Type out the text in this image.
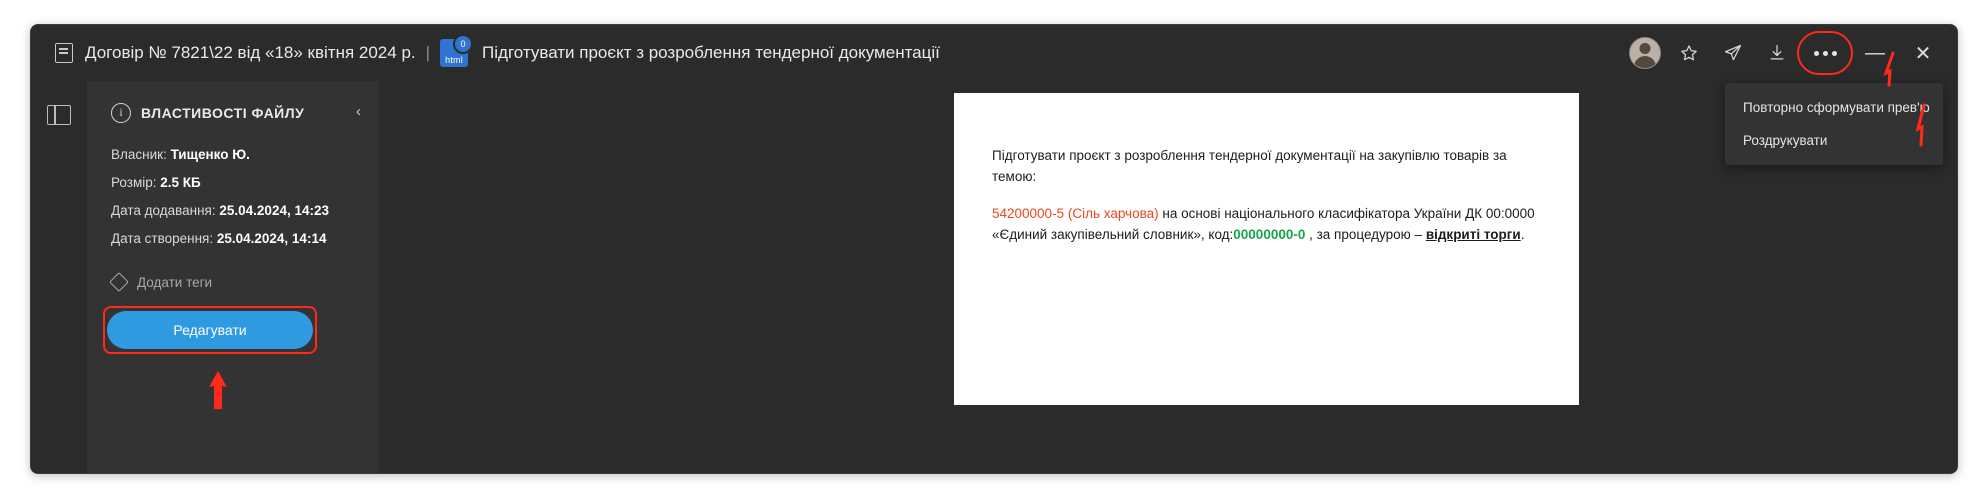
Договір № 7821\22 від «18» квітня 2024 р. |	0
html Підготувати проєкт з розроблення тендерної документації	—	✕
Повторно сформувати прев'ю
Роздрукувати
i	ВЛАСТИВОСТІ ФАЙЛУ	‹
Власник: Тищенко Ю.
Розмір: 2.5 КБ
Дата додавання: 25.04.2024, 14:23
Дата створення: 25.04.2024, 14:14
Додати теги
Редагувати

Підготувати проєкт з розроблення тендерної документації на закупівлю товарів за темою:

54200000-5 (Сіль харчова) на основі національного класифікатора України ДК 00:0000 «Єдиний закупівельний словник», код:00000000-0 , за процедурою – відкриті торги.
